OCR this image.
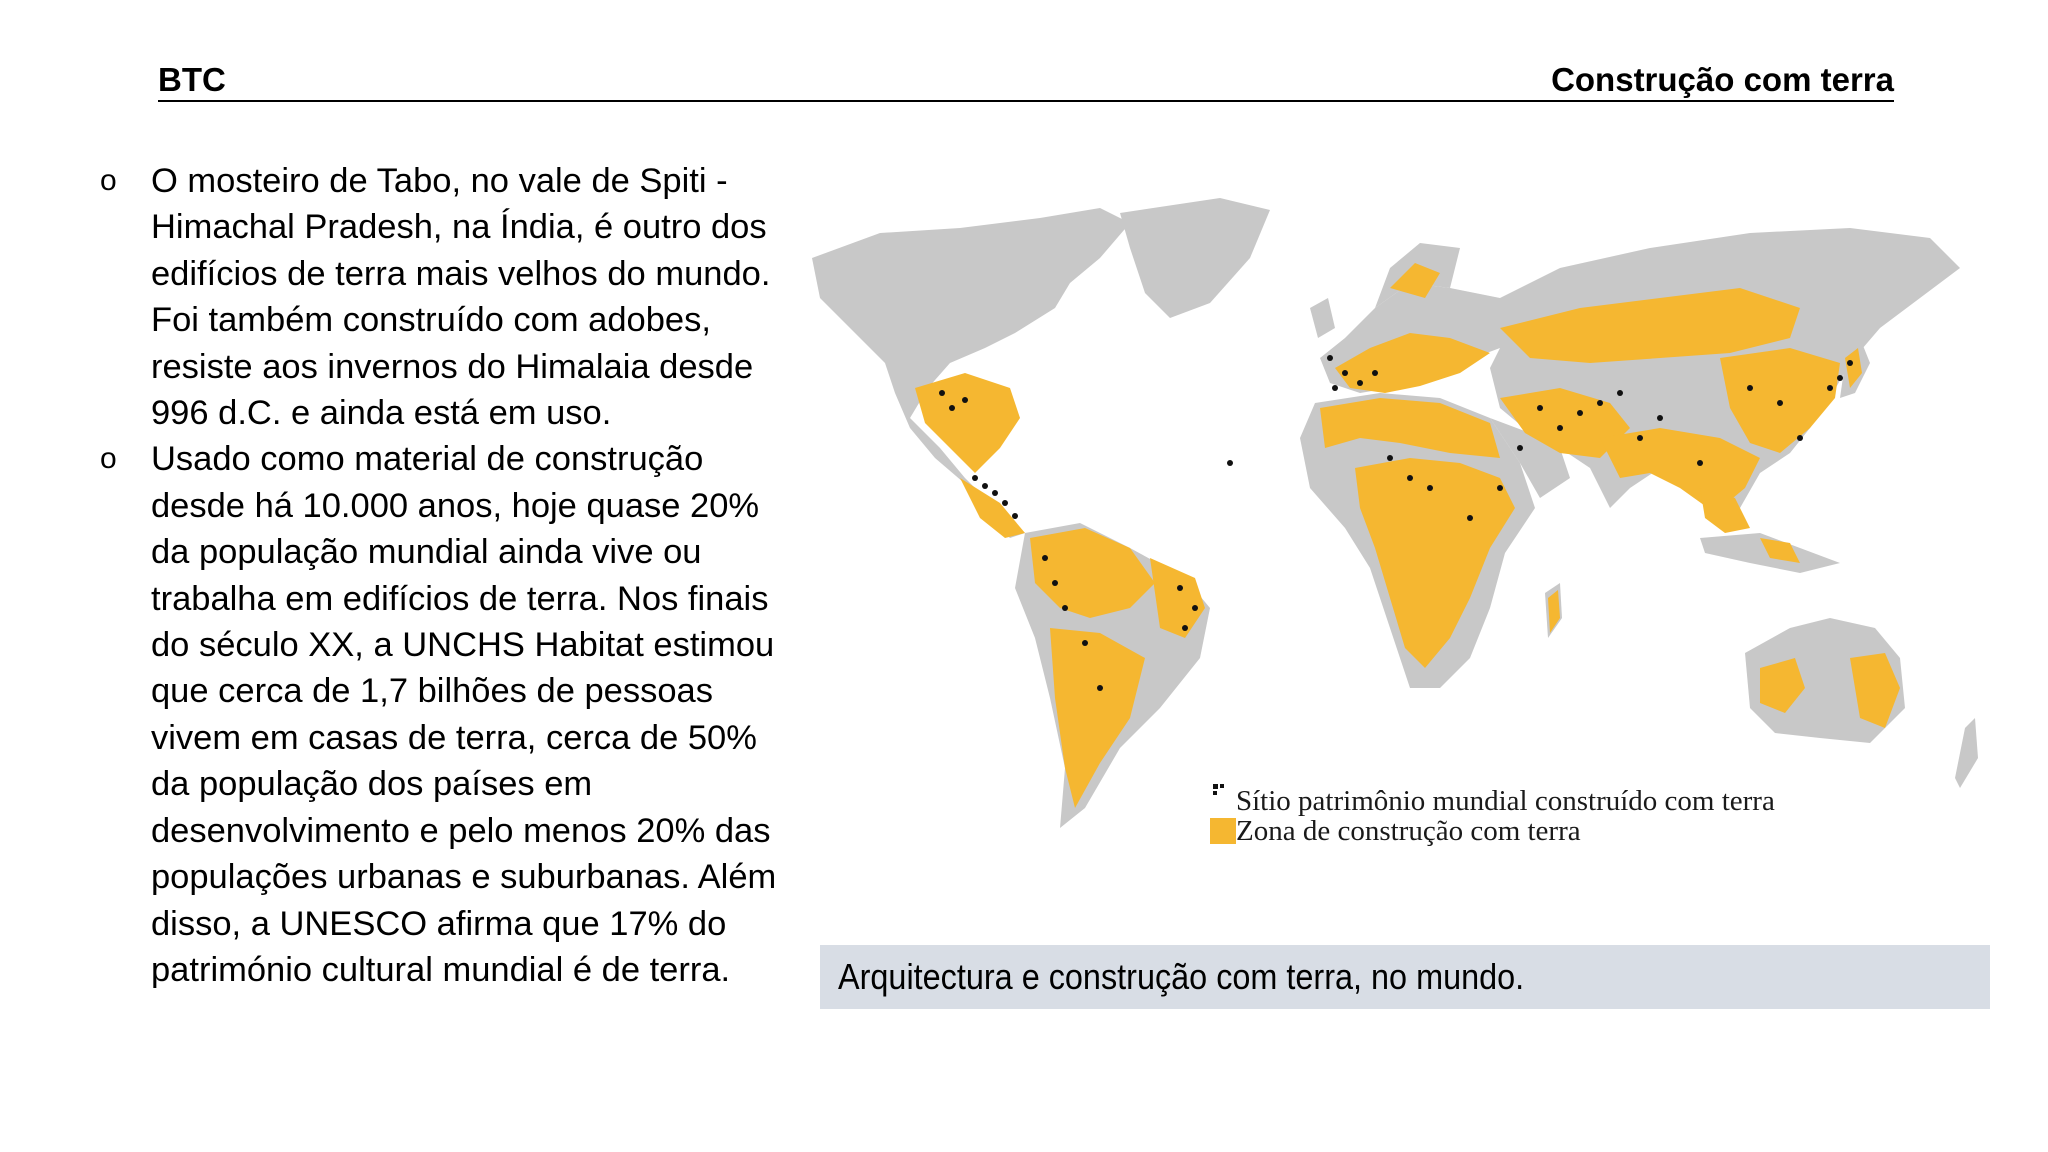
BTC	Construção com terra
o O mosteiro de Tabo, no vale de Spiti -
Himachal Pradesh, na Índia, é outro dos
edifícios de terra mais velhos do mundo.
Foi também construído com adobes,
resiste aos invernos do Himalaia desde
996 d.C. e ainda está em uso.
o Usado como material de construção
desde há 10.000 anos, hoje quase 20%
da população mundial ainda vive ou
trabalha em edifícios de terra. Nos finais
do século XX, a UNCHS Habitat estimou
que cerca de 1,7 bilhões de pessoas
vivem em casas de terra, cerca de 50%
da população dos países em
desenvolvimento e pelo menos 20% das
populações urbanas e suburbanas. Além
disso, a UNESCO afirma que 17% do
património cultural mundial é de terra.
Sítio patrimônio mundial construído com terra
Zona de construção com terra
Arquitectura e construção com terra, no mundo.
